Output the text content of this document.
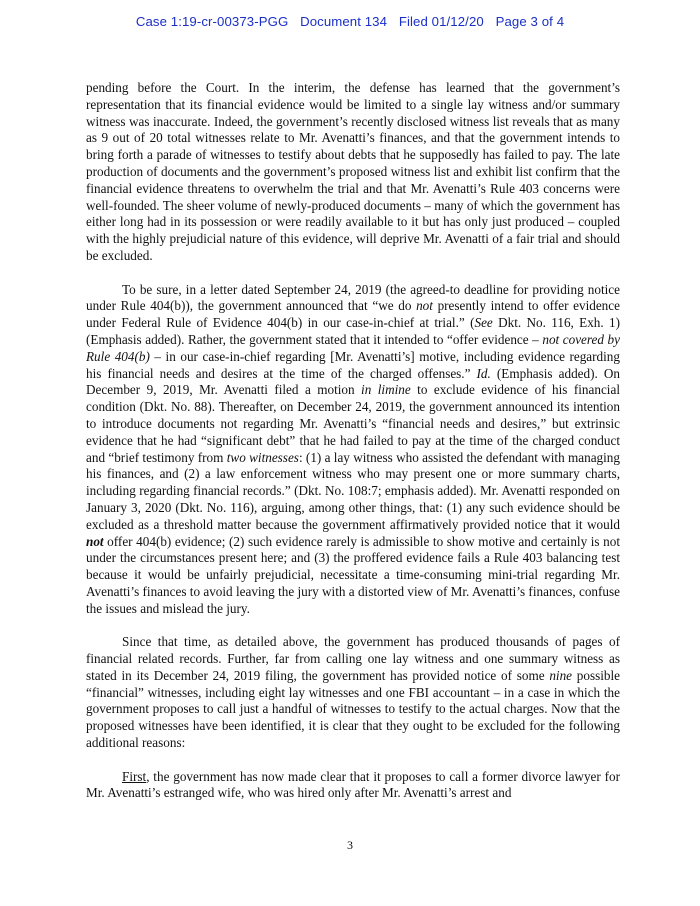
Case 1:19-cr-00373-PGG Document 134 Filed 01/12/20 Page 3 of 4

pending before the Court. In the interim, the defense has learned that the government’s representation that its financial evidence would be limited to a single lay witness and/or summary witness was inaccurate. Indeed, the government’s recently disclosed witness list reveals that as many as 9 out of 20 total witnesses relate to Mr. Avenatti’s finances, and that the government intends to bring forth a parade of witnesses to testify about debts that he supposedly has failed to pay. The late production of documents and the government’s proposed witness list and exhibit list confirm that the financial evidence threatens to overwhelm the trial and that Mr. Avenatti’s Rule 403 concerns were well-founded. The sheer volume of newly-produced documents – many of which the government has either long had in its possession or were readily available to it but has only just produced – coupled with the highly prejudicial nature of this evidence, will deprive Mr. Avenatti of a fair trial and should be excluded.

To be sure, in a letter dated September 24, 2019 (the agreed-to deadline for providing notice under Rule 404(b)), the government announced that “we do not presently intend to offer evidence under Federal Rule of Evidence 404(b) in our case-in-chief at trial.” (See Dkt. No. 116, Exh. 1) (Emphasis added). Rather, the government stated that it intended to “offer evidence – not covered by Rule 404(b) – in our case-in-chief regarding [Mr. Avenatti’s] motive, including evidence regarding his financial needs and desires at the time of the charged offenses.” Id. (Emphasis added). On December 9, 2019, Mr. Avenatti filed a motion in limine to exclude evidence of his financial condition (Dkt. No. 88). Thereafter, on December 24, 2019, the government announced its intention to introduce documents not regarding Mr. Avenatti’s “financial needs and desires,” but extrinsic evidence that he had “significant debt” that he had failed to pay at the time of the charged conduct and “brief testimony from two witnesses: (1) a lay witness who assisted the defendant with managing his finances, and (2) a law enforcement witness who may present one or more summary charts, including regarding financial records.” (Dkt. No. 108:7; emphasis added). Mr. Avenatti responded on January 3, 2020 (Dkt. No. 116), arguing, among other things, that: (1) any such evidence should be excluded as a threshold matter because the government affirmatively provided notice that it would not offer 404(b) evidence; (2) such evidence rarely is admissible to show motive and certainly is not under the circumstances present here; and (3) the proffered evidence fails a Rule 403 balancing test because it would be unfairly prejudicial, necessitate a time-consuming mini-trial regarding Mr. Avenatti’s finances to avoid leaving the jury with a distorted view of Mr. Avenatti’s finances, confuse the issues and mislead the jury.

Since that time, as detailed above, the government has produced thousands of pages of financial related records. Further, far from calling one lay witness and one summary witness as stated in its December 24, 2019 filing, the government has provided notice of some nine possible “financial” witnesses, including eight lay witnesses and one FBI accountant – in a case in which the government proposes to call just a handful of witnesses to testify to the actual charges. Now that the proposed witnesses have been identified, it is clear that they ought to be excluded for the following additional reasons:

First, the government has now made clear that it proposes to call a former divorce lawyer for Mr. Avenatti’s estranged wife, who was hired only after Mr. Avenatti’s arrest and

3
